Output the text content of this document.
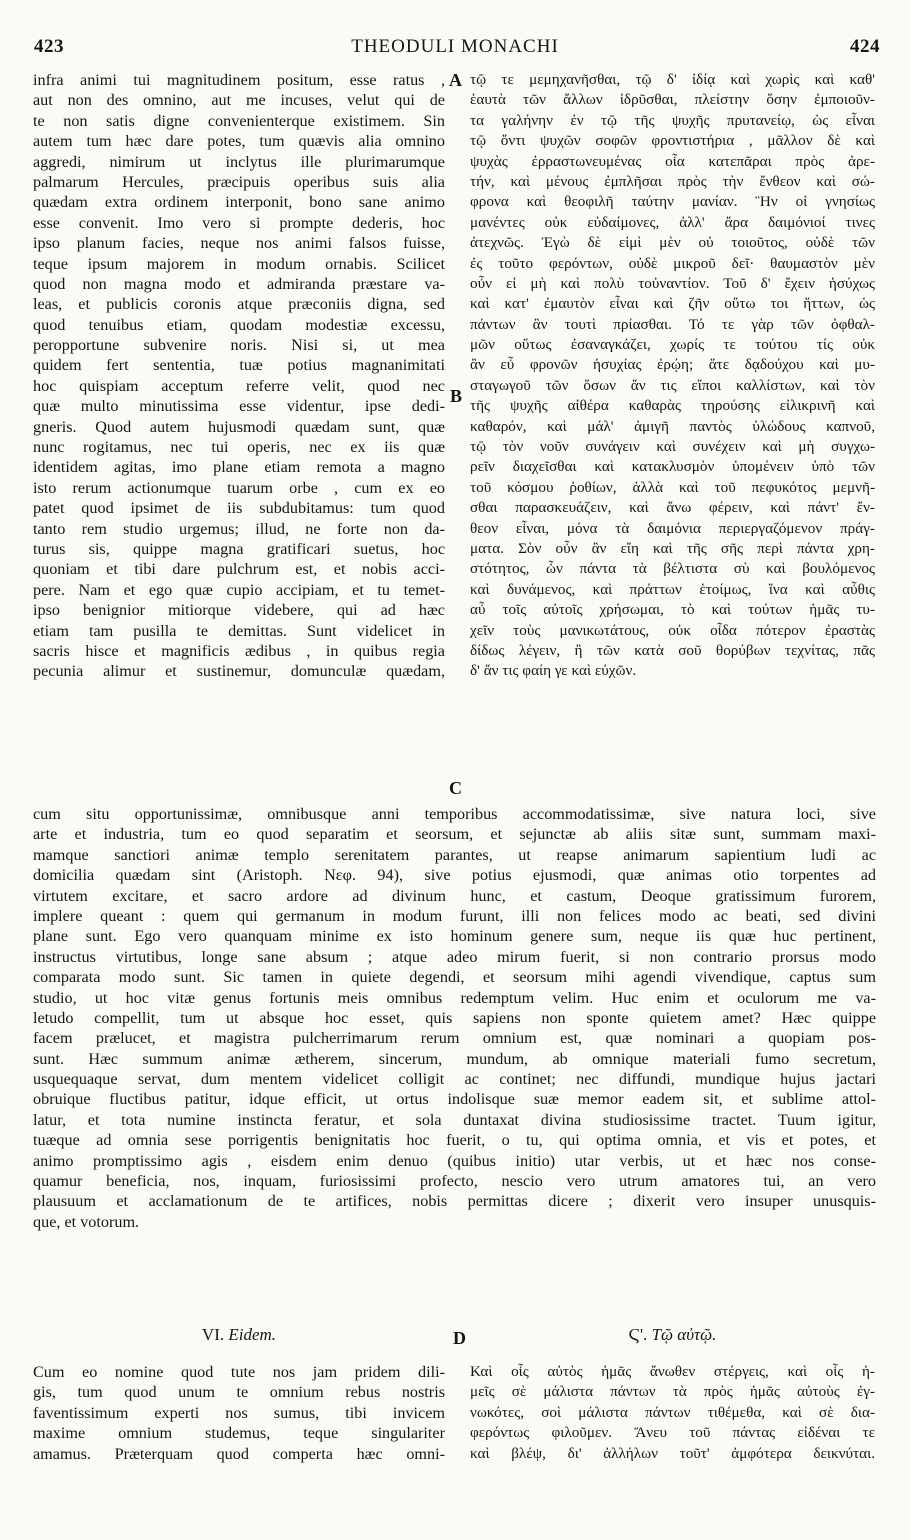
THEODULI MONACHI
423	424
A
B
C
D
infra animi tui magnitudinem positum, esse ratus ,
aut non des omnino, aut me incuses, velut qui de
te non satis digne convenienterque existimem. Sin
autem tum hæc dare potes, tum quævis alia omnino
aggredi, nimirum ut inclytus ille plurimarumque
palmarum Hercules, præcipuis operibus suis alia
quædam extra ordinem interponit, bono sane animo
esse convenit. Imo vero si prompte dederis, hoc
ipso planum facies, neque nos animi falsos fuisse,
teque ipsum majorem in modum ornabis. Scilicet
quod non magna modo et admiranda præstare va-
leas, et publicis coronis atque præconiis digna, sed
quod tenuibus etiam, quodam modestiæ excessu,
peropportune subvenire noris. Nisi si, ut mea
quidem fert sententia, tuæ potius magnanimitati
hoc quispiam acceptum referre velit, quod nec
quæ multo minutissima esse videntur, ipse dedi-
gneris. Quod autem hujusmodi quædam sunt, quæ
nunc rogitamus, nec tui operis, nec ex iis quæ
identidem agitas, imo plane etiam remota a magno
isto rerum actionumque tuarum orbe , cum ex eo
patet quod ipsimet de iis subdubitamus: tum quod
tanto rem studio urgemus; illud, ne forte non da-
turus sis, quippe magna gratificari suetus, hoc
quoniam et tibi dare pulchrum est, et nobis acci-
pere. Nam et ego quæ cupio accipiam, et tu temet-
ipso benignior mitiorque videbere, qui ad hæc
etiam tam pusilla te demittas. Sunt videlicet in
sacris hisce et magnificis ædibus , in quibus regia
pecunia alimur et sustinemur, domunculæ quædam,
τῷ τε μεμηχανῆσθαι, τῷ δ' ἰδίᾳ καὶ χωρὶς καὶ καθ'
ἑαυτὰ τῶν ἄλλων ἱδρῦσθαι, πλείστην ὅσην ἐμποιοῦν-
τα γαλήνην ἐν τῷ τῆς ψυχῆς πρυτανείῳ, ὡς εἶναι
τῷ ὄντι ψυχῶν σοφῶν φροντιστήρια , μᾶλλον δὲ καὶ
ψυχὰς ἐρραστωνευμένας οἷα κατεπᾶραι πρὸς ἀρε-
τήν, καὶ μένους ἐμπλῆσαι πρὸς τὴν ἔνθεον καὶ σώ-
φρονα καὶ θεοφιλῆ ταύτην μανίαν. Ἣν οἱ γνησίως
μανέντες οὐκ εὐδαίμονες, ἀλλ' ἄρα δαιμόνιοί τινες
ἀτεχνῶς. Ἐγὼ δὲ εἰμὶ μὲν οὐ τοιοῦτος, οὐδὲ τῶν
ἐς τοῦτο φερόντων, οὐδὲ μικροῦ δεῖ· θαυμαστὸν μὲν
οὖν εἰ μὴ καὶ πολὺ τοὐναντίον. Τοῦ δ' ἔχειν ἡσύχως
καὶ κατ' ἐμαυτὸν εἶναι καὶ ζῆν οὕτω τοι ἥττων, ὡς
πάντων ἂν τουτὶ πρίασθαι. Τό τε γὰρ τῶν ὀφθαλ-
μῶν οὕτως ἐσαναγκάζει, χωρίς τε τούτου τίς οὐκ
ἂν εὖ φρονῶν ἡσυχίας ἐρῴη; ἅτε δᾳδούχου καὶ μυ-
σταγωγοῦ τῶν ὅσων ἄν τις εἴποι καλλίστων, καὶ τὸν
τῆς ψυχῆς αἰθέρα καθαρὰς τηρούσης εἰλικρινῆ καὶ
καθαρόν, καὶ μάλ' ἀμιγῆ παντὸς ὑλώδους καπνοῦ,
τῷ τὸν νοῦν συνάγειν καὶ συνέχειν καὶ μὴ συγχω-
ρεῖν διαχεῖσθαι καὶ κατακλυσμὸν ὑπομένειν ὑπὸ τῶν
τοῦ κόσμου ῥοθίων, ἀλλὰ καὶ τοῦ πεφυκότος μεμνῆ-
σθαι παρασκευάζειν, καὶ ἄνω φέρειν, καὶ πάντ' ἔν-
θεον εἶναι, μόνα τὰ δαιμόνια περιεργαζόμενον πράγ-
ματα. Σὸν οὖν ἂν εἴη καὶ τῆς σῆς περὶ πάντα χρη-
στότητος, ὧν πάντα τὰ βέλτιστα σὺ καὶ βουλόμενος
καὶ δυνάμενος, καὶ πράττων ἑτοίμως, ἵνα καὶ αὖθις
αὖ τοῖς αὐτοῖς χρήσωμαι, τὸ καὶ τούτων ἡμᾶς τυ-
χεῖν τοὺς μανικωτάτους, οὐκ οἶδα πότερον ἐραστὰς
δίδως λέγειν, ἢ τῶν κατὰ σοῦ θορύβων τεχνίτας, πᾶς
δ' ἄν τις φαίη γε καὶ εὐχῶν.
cum situ opportunissimæ, omnibusque anni temporibus accommodatissimæ, sive natura loci, sive
arte et industria, tum eo quod separatim et seorsum, et sejunctæ ab aliis sitæ sunt, summam maxi-
mamque sanctiori animæ templo serenitatem parantes, ut reapse animarum sapientium ludi ac
domicilia quædam sint (Aristoph. Νεφ. 94), sive potius ejusmodi, quæ animas otio torpentes ad
virtutem excitare, et sacro ardore ad divinum hunc, et castum, Deoque gratissimum furorem,
implere queant : quem qui germanum in modum furunt, illi non felices modo ac beati, sed divini
plane sunt. Ego vero quanquam minime ex isto hominum genere sum, neque iis quæ huc pertinent,
instructus virtutibus, longe sane absum ; atque adeo mirum fuerit, si non contrario prorsus modo
comparata modo sunt. Sic tamen in quiete degendi, et seorsum mihi agendi vivendique, captus sum
studio, ut hoc vitæ genus fortunis meis omnibus redemptum velim. Huc enim et oculorum me va-
letudo compellit, tum ut absque hoc esset, quis sapiens non sponte quietem amet? Hæc quippe
facem prælucet, et magistra pulcherrimarum rerum omnium est, quæ nominari a quopiam pos-
sunt. Hæc summum animæ ætherem, sincerum, mundum, ab omnique materiali fumo secretum,
usquequaque servat, dum mentem videlicet colligit ac continet; nec diffundi, mundique hujus jactari
obruique fluctibus patitur, idque efficit, ut ortus indolisque suæ memor eadem sit, et sublime attol-
latur, et tota numine instincta feratur, et sola duntaxat divina studiosissime tractet. Tuum igitur,
tuæque ad omnia sese porrigentis benignitatis hoc fuerit, o tu, qui optima omnia, et vis et potes, et
animo promptissimo agis , eisdem enim denuo (quibus initio) utar verbis, ut et hæc nos conse-
quamur beneficia, nos, inquam, furiosissimi profecto, nescio vero utrum amatores tui, an vero
plausuum et acclamationum de te artifices, nobis permittas dicere ; dixerit vero insuper unusquis-
que, et votorum.
VI. Eidem.	Ϛ'. Τῷ αὐτῷ.
Cum eo nomine quod tute nos jam pridem dili-
gis, tum quod unum te omnium rebus nostris
faventissimum experti nos sumus, tibi invicem
maxime omnium studemus, teque singulariter
amamus. Præterquam quod comperta hæc omni-
Καὶ οἷς αὐτὸς ἡμᾶς ἄνωθεν στέργεις, καὶ οἷς ἡ-
μεῖς σὲ μάλιστα πάντων τὰ πρὸς ἡμᾶς αὐτοὺς ἐγ-
νωκότες, σοὶ μάλιστα πάντων τιθέμεθα, καὶ σὲ δια-
φερόντως φιλοῦμεν. Ἄνευ τοῦ πάντας εἰδέναι τε
καὶ βλέψ, δι' ἀλλήλων τοῦτ' ἀμφότερα δεικνύται.
